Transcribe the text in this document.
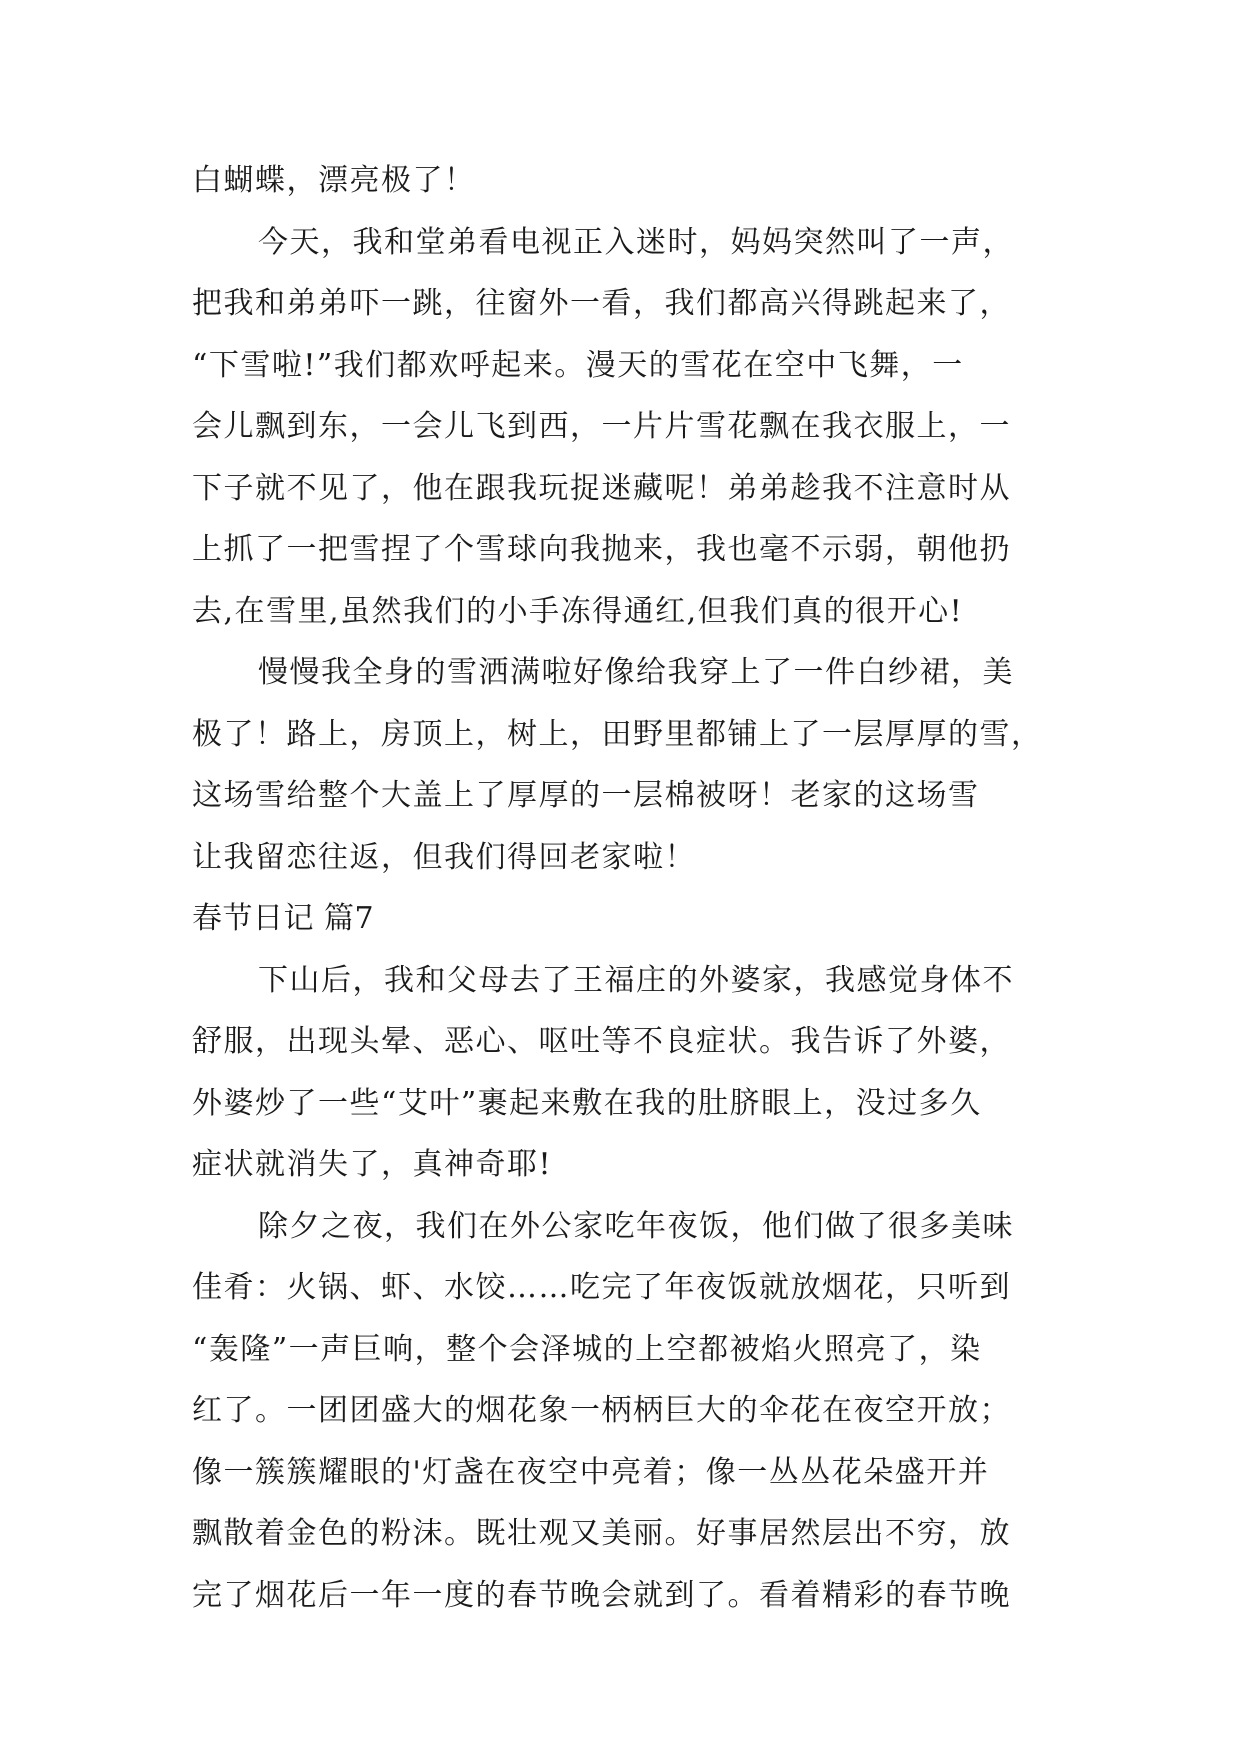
白蝴蝶，漂亮极了！
今天，我和堂弟看电视正入迷时，妈妈突然叫了一声，
把我和弟弟吓一跳，往窗外一看，我们都高兴得跳起来了，
“下雪啦!”我们都欢呼起来。漫天的雪花在空中飞舞，一
会儿飘到东，一会儿飞到西，一片片雪花飘在我衣服上，一
下子就不见了，他在跟我玩捉迷藏呢！弟弟趁我不注意时从
上抓了一把雪捏了个雪球向我抛来，我也毫不示弱，朝他扔
去,在雪里,虽然我们的小手冻得通红,但我们真的很开心!
慢慢我全身的雪洒满啦好像给我穿上了一件白纱裙，美
极了！路上，房顶上，树上，田野里都铺上了一层厚厚的雪，
这场雪给整个大盖上了厚厚的一层棉被呀！老家的这场雪
让我留恋往返，但我们得回老家啦！
春节日记 篇7
下山后，我和父母去了王福庄的外婆家，我感觉身体不
舒服，出现头晕、恶心、呕吐等不良症状。我告诉了外婆，
外婆炒了一些“艾叶”裹起来敷在我的肚脐眼上，没过多久
症状就消失了，真神奇耶!
除夕之夜，我们在外公家吃年夜饭，他们做了很多美味
佳肴：火锅、虾、水饺……吃完了年夜饭就放烟花，只听到
“轰隆”一声巨响，整个会泽城的上空都被焰火照亮了，染
红了。一团团盛大的烟花象一柄柄巨大的伞花在夜空开放；
像一簇簇耀眼的'灯盏在夜空中亮着；像一丛丛花朵盛开并
飘散着金色的粉沫。既壮观又美丽。好事居然层出不穷，放
完了烟花后一年一度的春节晚会就到了。看着精彩的春节晚
